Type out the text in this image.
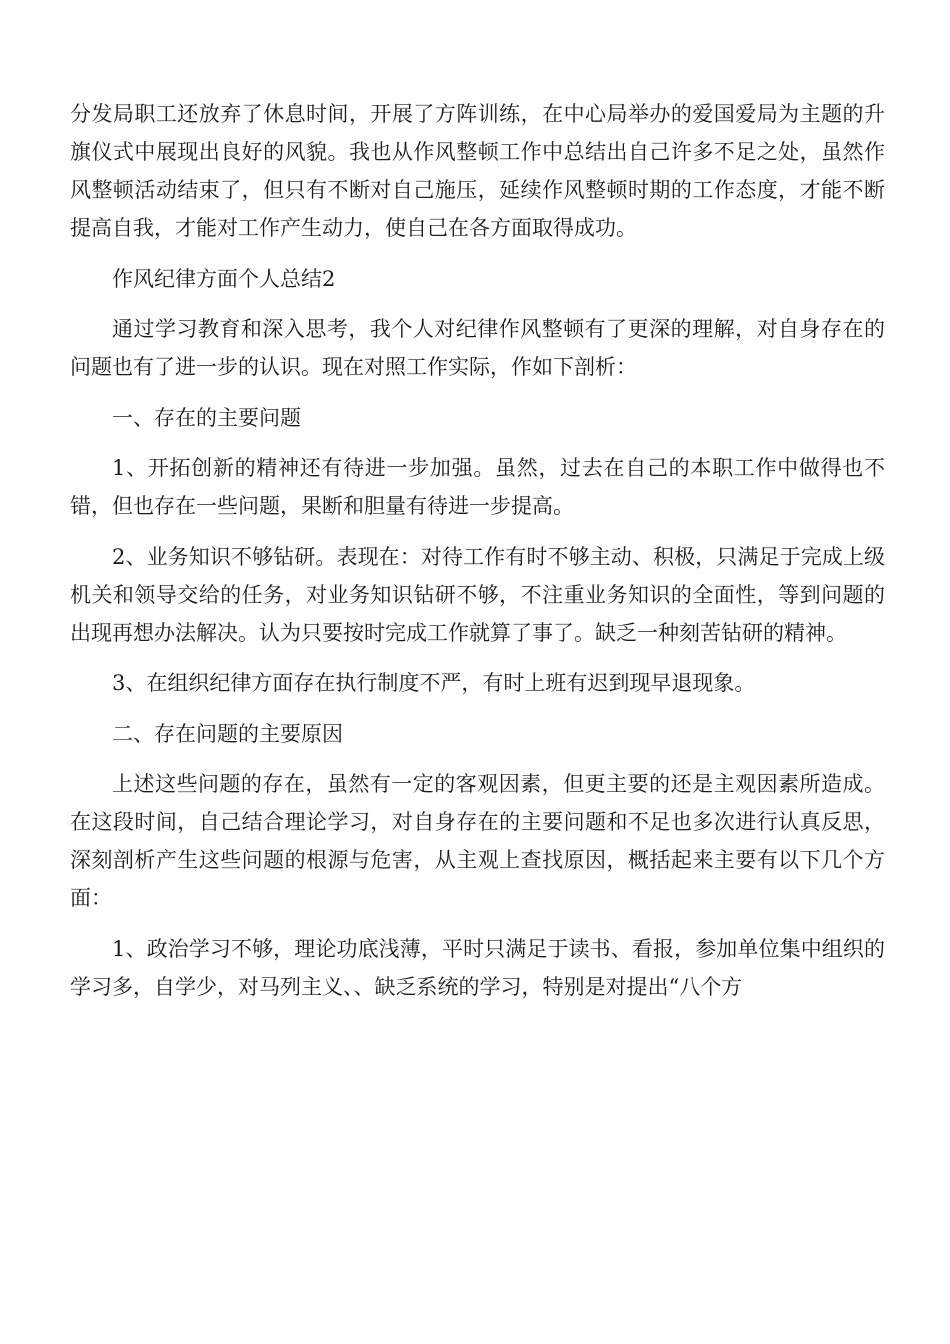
分发局职工还放弃了休息时间，开展了方阵训练，在中心局举办的爱国爱局为主题的升旗仪式中展现出良好的风貌。我也从作风整顿工作中总结出自己许多不足之处，虽然作风整顿活动结束了，但只有不断对自己施压，延续作风整顿时期的工作态度，才能不断提高自我，才能对工作产生动力，使自己在各方面取得成功。

作风纪律方面个人总结2

通过学习教育和深入思考，我个人对纪律作风整顿有了更深的理解，对自身存在的问题也有了进一步的认识。现在对照工作实际，作如下剖析：

一、存在的主要问题

1、开拓创新的精神还有待进一步加强。虽然，过去在自己的本职工作中做得也不错，但也存在一些问题，果断和胆量有待进一步提高。

2、业务知识不够钻研。表现在：对待工作有时不够主动、积极，只满足于完成上级机关和领导交给的任务，对业务知识钻研不够，不注重业务知识的全面性，等到问题的出现再想办法解决。认为只要按时完成工作就算了事了。缺乏一种刻苦钻研的精神。

3、在组织纪律方面存在执行制度不严，有时上班有迟到现早退现象。

二、存在问题的主要原因

上述这些问题的存在，虽然有一定的客观因素，但更主要的还是主观因素所造成。在这段时间，自己结合理论学习，对自身存在的主要问题和不足也多次进行认真反思，深刻剖析产生这些问题的根源与危害，从主观上查找原因，概括起来主要有以下几个方面：

1、政治学习不够，理论功底浅薄，平时只满足于读书、看报，参加单位集中组织的学习多，自学少，对马列主义、、缺乏系统的学习，特别是对提出“八个方
